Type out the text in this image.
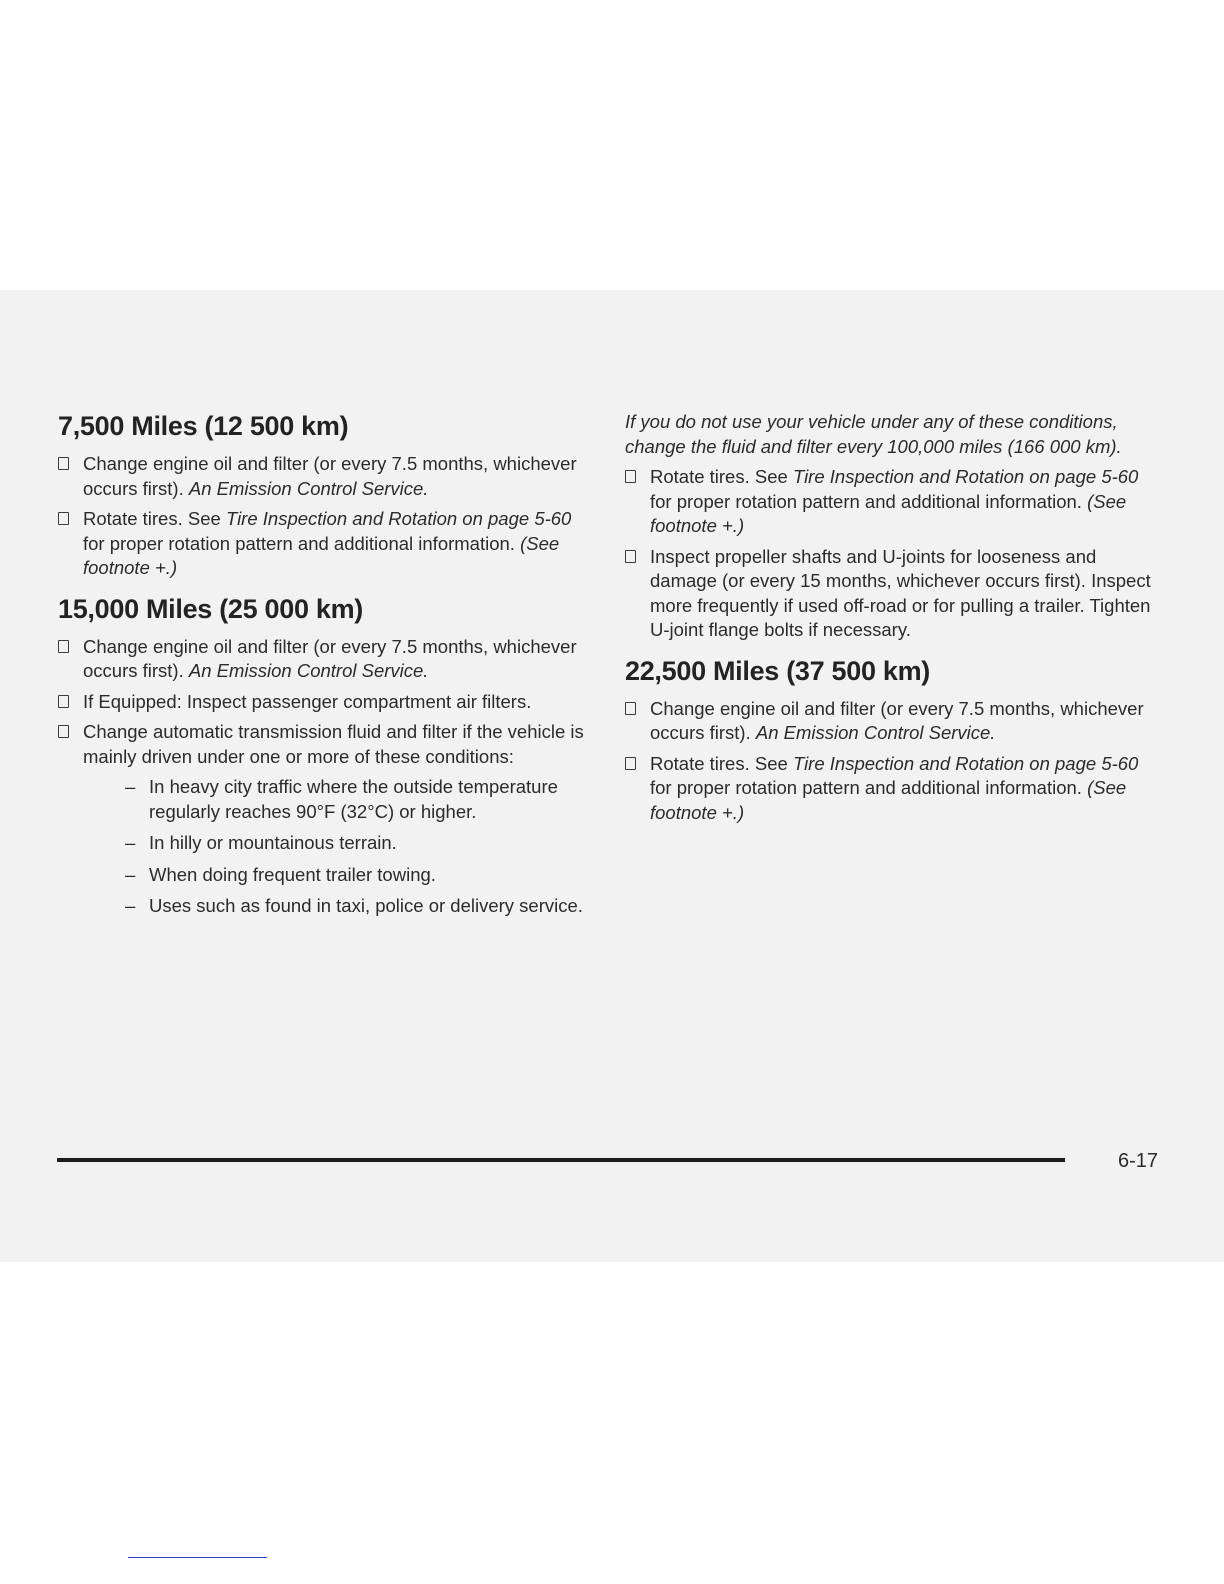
7,500 Miles (12 500 km)
Change engine oil and filter (or every 7.5 months, whichever occurs first). An Emission Control Service.
Rotate tires. See Tire Inspection and Rotation on page 5-60 for proper rotation pattern and additional information. (See footnote +.)
15,000 Miles (25 000 km)
Change engine oil and filter (or every 7.5 months, whichever occurs first). An Emission Control Service.
If Equipped: Inspect passenger compartment air filters.
Change automatic transmission fluid and filter if the vehicle is mainly driven under one or more of these conditions:
– In heavy city traffic where the outside temperature regularly reaches 90°F (32°C) or higher.
– In hilly or mountainous terrain.
– When doing frequent trailer towing.
– Uses such as found in taxi, police or delivery service.

If you do not use your vehicle under any of these conditions, change the fluid and filter every 100,000 miles (166 000 km).

Rotate tires. See Tire Inspection and Rotation on page 5-60 for proper rotation pattern and additional information. (See footnote +.)
Inspect propeller shafts and U-joints for looseness and damage (or every 15 months, whichever occurs first). Inspect more frequently if used off-road or for pulling a trailer. Tighten U-joint flange bolts if necessary.
22,500 Miles (37 500 km)
Change engine oil and filter (or every 7.5 months, whichever occurs first). An Emission Control Service.
Rotate tires. See Tire Inspection and Rotation on page 5-60 for proper rotation pattern and additional information. (See footnote +.)
6-17
